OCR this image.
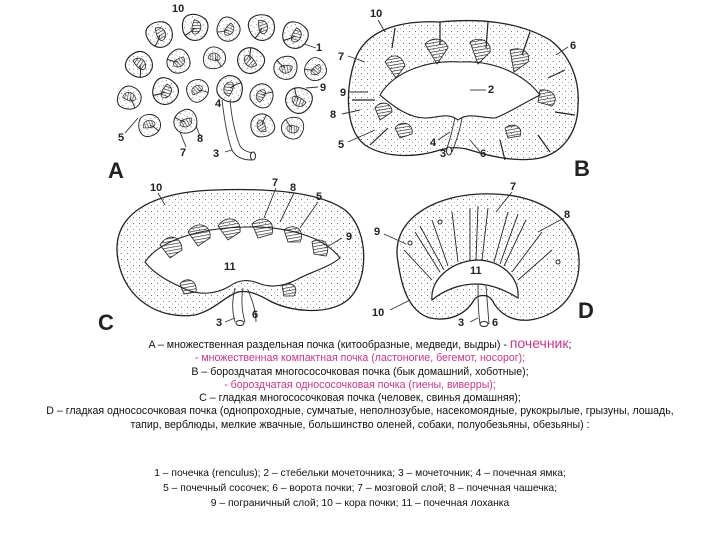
10
1
9
4
5	8
7 3
A
10
7
6
9	2
8
5	4
3	6
B
10	7 8
5
9
11
3
6
C
7
8
9
11
10
3	6	D
A – множественная раздельная почка (китообразные, медведи, выдры) - почечник;
- множественная компактная почка (ластоногие, бегемот, носорог);
B – бороздчатая многососочковая почка (бык домашний, хоботные);
- бороздчатая однососочковая почка (гиены, виверры);
С – гладкая многососочковая почка (человек, свинья домашняя);
D – гладкая однососочковая почка (однопроходные, сумчатые, неполнозубые, насекомоядные, рукокрылые, грызуны, лошадь, тапир, верблюды, мелкие жвачные, большинство оленей, собаки, полуобезьяны, обезьяны) :
1 – почечка (renculus); 2 – стебельки мочеточника; 3 – мочеточник; 4 – почечная ямка;
5 – почечный сосочек; 6 – ворота почки; 7 – мозговой слой; 8 – почечная чашечка;
9 – пограничный слой; 10 – кора почки; 11 – почечная лоханка
